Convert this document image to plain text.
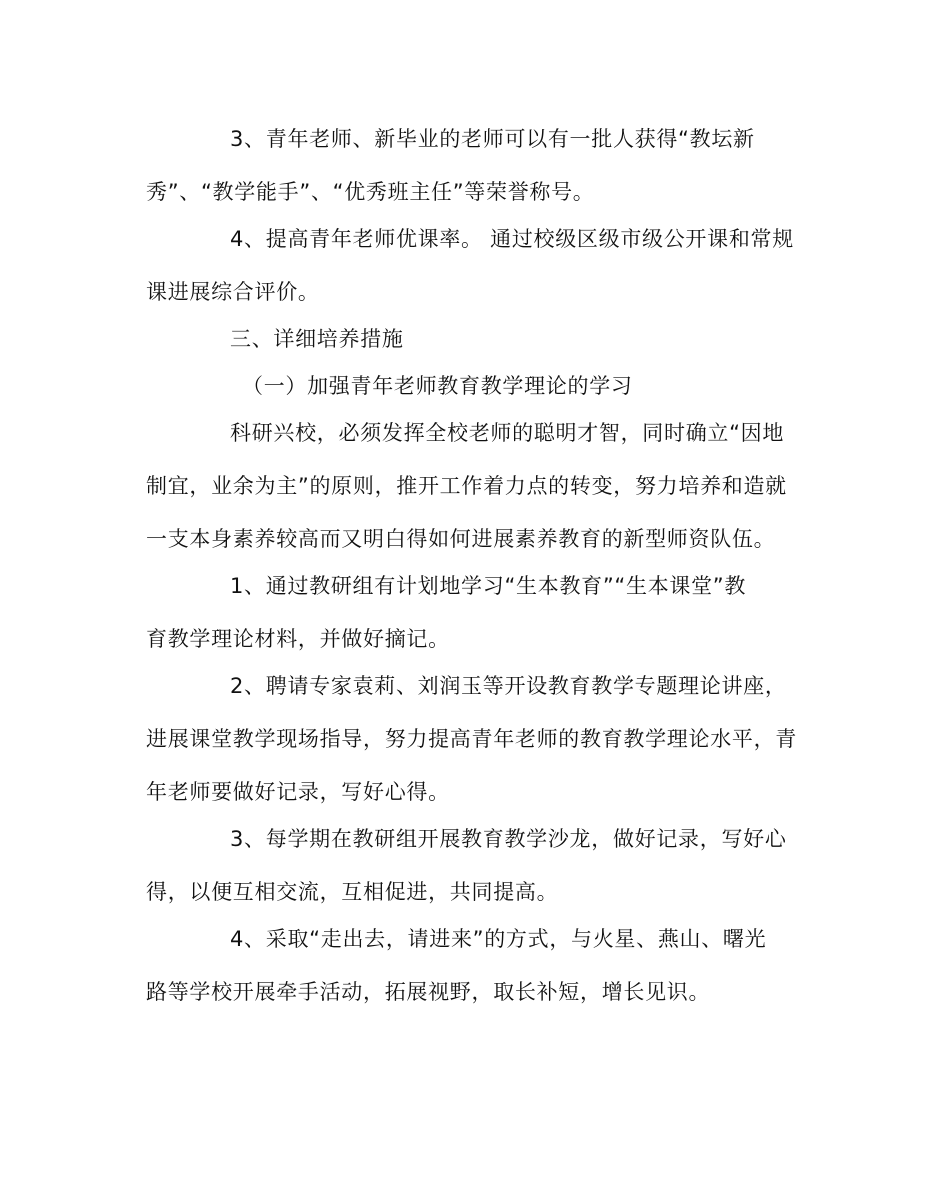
3、青年老师、新毕业的老师可以有一批人获得“教坛新
秀”、“教学能手”、“优秀班主任”等荣誉称号。
4、提高青年老师优课率。 通过校级区级市级公开课和常规
课进展综合评价。
三、详细培养措施
（一）加强青年老师教育教学理论的学习
科研兴校，必须发挥全校老师的聪明才智，同时确立“因地
制宜，业余为主”的原则，推开工作着力点的转变，努力培养和造就
一支本身素养较高而又明白得如何进展素养教育的新型师资队伍。
1、通过教研组有计划地学习“生本教育”“生本课堂”教
育教学理论材料，并做好摘记。
2、聘请专家袁莉、刘润玉等开设教育教学专题理论讲座，
进展课堂教学现场指导，努力提高青年老师的教育教学理论水平，青
年老师要做好记录，写好心得。
3、每学期在教研组开展教育教学沙龙，做好记录，写好心
得，以便互相交流，互相促进，共同提高。
4、采取“走出去，请进来”的方式，与火星、燕山、曙光
路等学校开展牵手活动，拓展视野，取长补短，增长见识。
